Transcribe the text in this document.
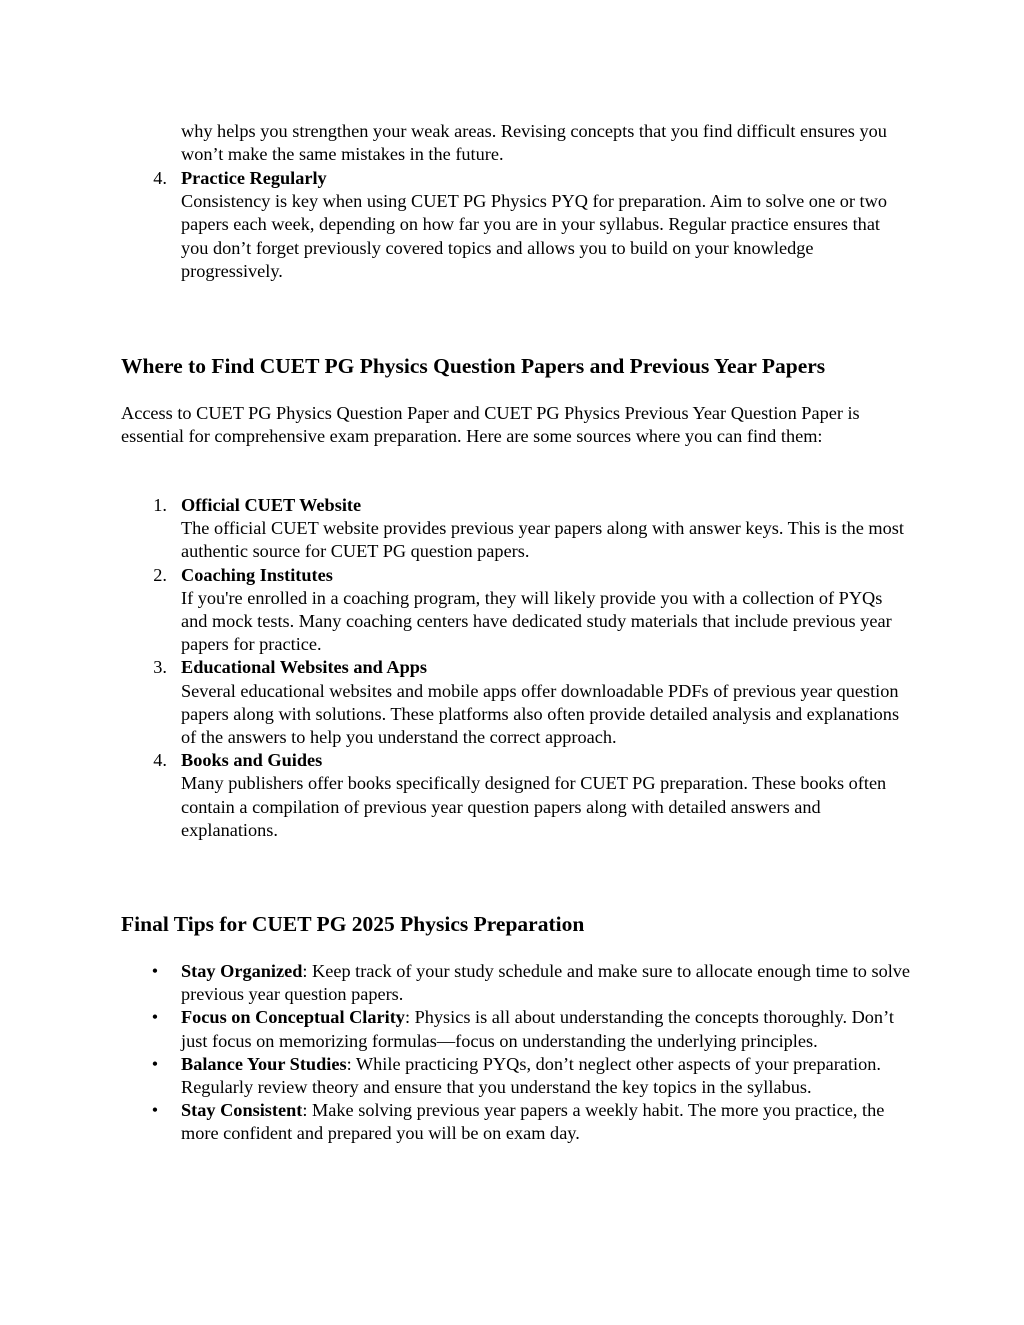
why helps you strengthen your weak areas. Revising concepts that you find difficult ensures you won’t make the same mistakes in the future.

4. Practice Regularly

Consistency is key when using CUET PG Physics PYQ for preparation. Aim to solve one or two papers each week, depending on how far you are in your syllabus. Regular practice ensures that you don’t forget previously covered topics and allows you to build on your knowledge progressively.

Where to Find CUET PG Physics Question Papers and Previous Year Papers

Access to CUET PG Physics Question Paper and CUET PG Physics Previous Year Question Paper is essential for comprehensive exam preparation. Here are some sources where you can find them:

1. Official CUET Website

The official CUET website provides previous year papers along with answer keys. This is the most authentic source for CUET PG question papers.

2. Coaching Institutes

If you're enrolled in a coaching program, they will likely provide you with a collection of PYQs and mock tests. Many coaching centers have dedicated study materials that include previous year papers for practice.

3. Educational Websites and Apps

Several educational websites and mobile apps offer downloadable PDFs of previous year question papers along with solutions. These platforms also often provide detailed analysis and explanations of the answers to help you understand the correct approach.

4. Books and Guides

Many publishers offer books specifically designed for CUET PG preparation. These books often contain a compilation of previous year question papers along with detailed answers and explanations.

Final Tips for CUET PG 2025 Physics Preparation
•	Stay Organized: Keep track of your study schedule and make sure to allocate enough time to solve previous year question papers.

•	Focus on Conceptual Clarity: Physics is all about understanding the concepts thoroughly. Don’t just focus on memorizing formulas—focus on understanding the underlying principles.

•	Balance Your Studies: While practicing PYQs, don’t neglect other aspects of your preparation. Regularly review theory and ensure that you understand the key topics in the syllabus.

•	Stay Consistent: Make solving previous year papers a weekly habit. The more you practice, the more confident and prepared you will be on exam day.
